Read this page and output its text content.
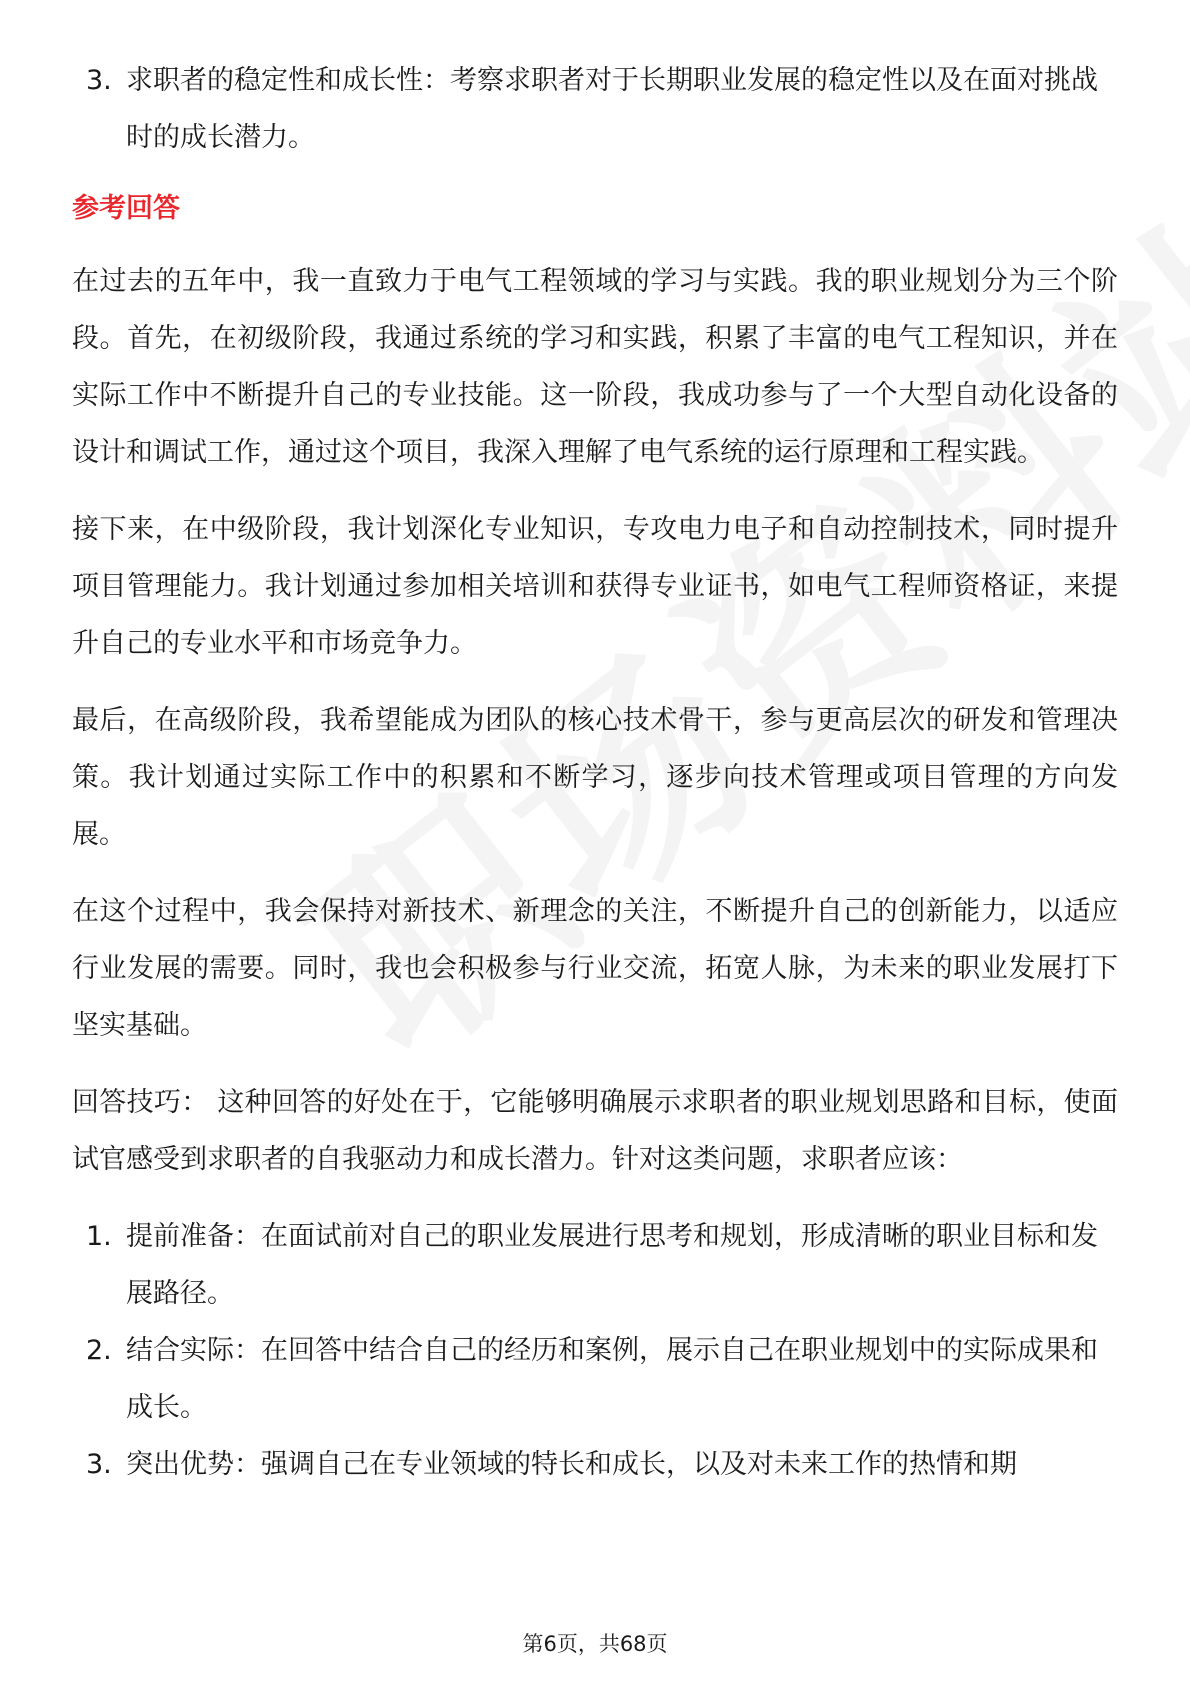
3. 求职者的稳定性和成长性：考察求职者对于长期职业发展的稳定性以及在面对挑战时的成长潜力。
参考回答
在过去的五年中，我一直致力于电气工程领域的学习与实践。我的职业规划分为三个阶段。首先，在初级阶段，我通过系统的学习和实践，积累了丰富的电气工程知识，并在实际工作中不断提升自己的专业技能。这一阶段，我成功参与了一个大型自动化设备的设计和调试工作，通过这个项目，我深入理解了电气系统的运行原理和工程实践。
接下来，在中级阶段，我计划深化专业知识，专攻电力电子和自动控制技术，同时提升项目管理能力。我计划通过参加相关培训和获得专业证书，如电气工程师资格证，来提升自己的专业水平和市场竞争力。
最后，在高级阶段，我希望能成为团队的核心技术骨干，参与更高层次的研发和管理决策。我计划通过实际工作中的积累和不断学习，逐步向技术管理或项目管理的方向发展。
在这个过程中，我会保持对新技术、新理念的关注，不断提升自己的创新能力，以适应行业发展的需要。同时，我也会积极参与行业交流，拓宽人脉，为未来的职业发展打下坚实基础。
回答技巧： 这种回答的好处在于，它能够明确展示求职者的职业规划思路和目标，使面试官感受到求职者的自我驱动力和成长潜力。针对这类问题，求职者应该：
1. 提前准备：在面试前对自己的职业发展进行思考和规划，形成清晰的职业目标和发展路径。
2. 结合实际：在回答中结合自己的经历和案例，展示自己在职业规划中的实际成果和成长。
3. 突出优势：强调自己在专业领域的特长和成长，以及对未来工作的热情和期
第6页，共68页
